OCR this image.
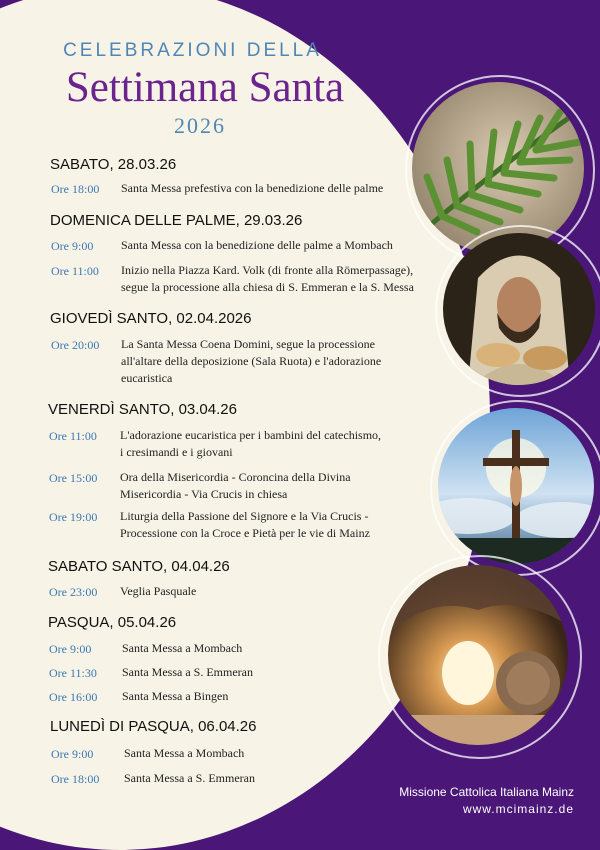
CELEBRAZIONI DELLA
Settimana Santa
2026
SABATO, 28.03.26
Ore 18:00 Santa Messa prefestiva con la benedizione delle palme
DOMENICA DELLE PALME, 29.03.26
Ore 9:00 Santa Messa con la benedizione delle palme a Mombach
Ore 11:00 Inizio nella Piazza Kard. Volk (di fronte alla Römerpassage),
segue la processione alla chiesa di S. Emmeran e la S. Messa
GIOVEDÌ SANTO, 02.04.2026
Ore 20:00 La Santa Messa Coena Domini, segue la processione
all'altare della deposizione (Sala Ruota) e l'adorazione
eucaristica
VENERDÌ SANTO, 03.04.26
Ore 11:00 L'adorazione eucaristica per i bambini del catechismo,
i cresimandi e i giovani
Ore 15:00 Ora della Misericordia - Coroncina della Divina
Misericordia - Via Crucis in chiesa
Ore 19:00 Liturgia della Passione del Signore e la Via Crucis -
Processione con la Croce e Pietà per le vie di Mainz
SABATO SANTO, 04.04.26
Ore 23:00 Veglia Pasquale
PASQUA, 05.04.26
Ore 9:00	Santa Messa a Mombach
Ore 11:30 Santa Messa a S. Emmeran
Ore 16:00 Santa Messa a Bingen
LUNEDÌ DI PASQUA, 06.04.26
Ore 9:00	Santa Messa a Mombach
Ore 18:00 Santa Messa a S. Emmeran
Missione Cattolica Italiana Mainz
www.mcimainz.de
